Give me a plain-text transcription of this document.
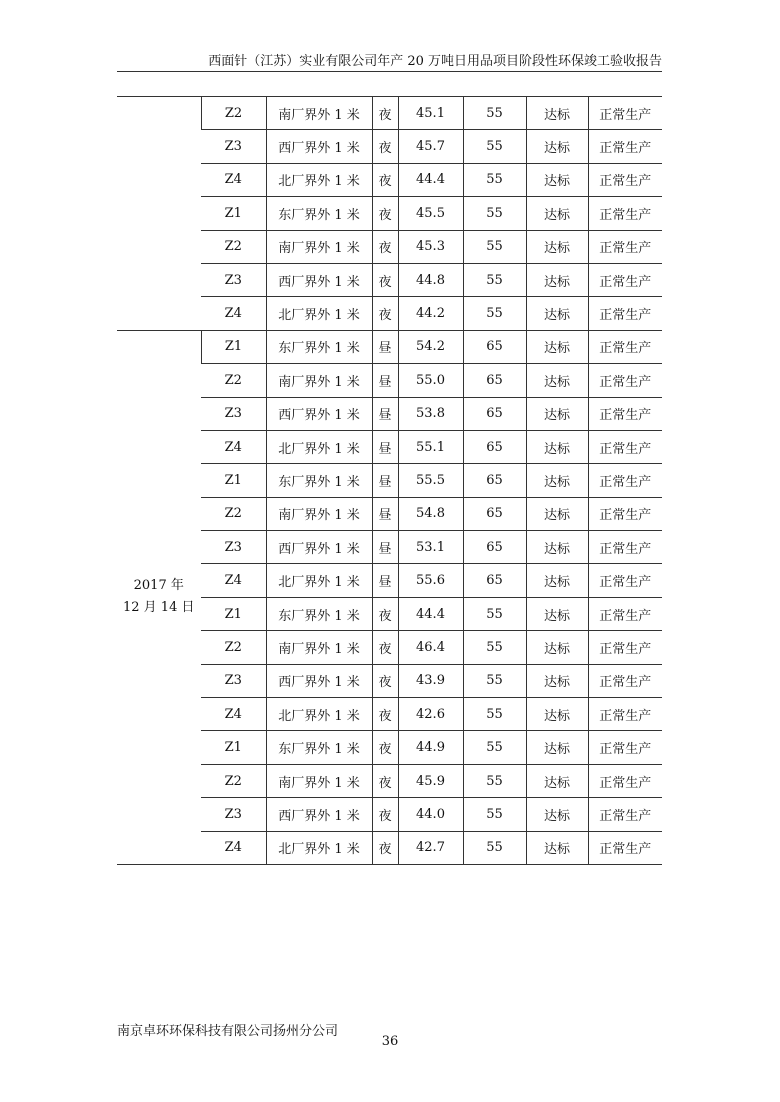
西面针（江苏）实业有限公司年产 20 万吨日用品项目阶段性环保竣工验收报告
	Z2	南厂界外 1 米	夜	45.1	55	达标	正常生产
	Z3	西厂界外 1 米	夜	45.7	55	达标	正常生产
	Z4	北厂界外 1 米	夜	44.4	55	达标	正常生产
	Z1	东厂界外 1 米	夜	45.5	55	达标	正常生产
	Z2	南厂界外 1 米	夜	45.3	55	达标	正常生产
	Z3	西厂界外 1 米	夜	44.8	55	达标	正常生产
	Z4	北厂界外 1 米	夜	44.2	55	达标	正常生产

2017 年
12 月 14 日	Z1	东厂界外 1 米	昼	54.2	65	达标	正常生产
	Z2	南厂界外 1 米	昼	55.0	65	达标	正常生产
	Z3	西厂界外 1 米	昼	53.8	65	达标	正常生产
	Z4	北厂界外 1 米	昼	55.1	65	达标	正常生产
	Z1	东厂界外 1 米	昼	55.5	65	达标	正常生产
	Z2	南厂界外 1 米	昼	54.8	65	达标	正常生产
	Z3	西厂界外 1 米	昼	53.1	65	达标	正常生产
	Z4	北厂界外 1 米	昼	55.6	65	达标	正常生产
	Z1	东厂界外 1 米	夜	44.4	55	达标	正常生产
	Z2	南厂界外 1 米	夜	46.4	55	达标	正常生产
	Z3	西厂界外 1 米	夜	43.9	55	达标	正常生产
	Z4	北厂界外 1 米	夜	42.6	55	达标	正常生产
	Z1	东厂界外 1 米	夜	44.9	55	达标	正常生产
	Z2	南厂界外 1 米	夜	45.9	55	达标	正常生产
	Z3	西厂界外 1 米	夜	44.0	55	达标	正常生产
	Z4	北厂界外 1 米	夜	42.7	55	达标	正常生产
南京卓环环保科技有限公司扬州分公司
36
